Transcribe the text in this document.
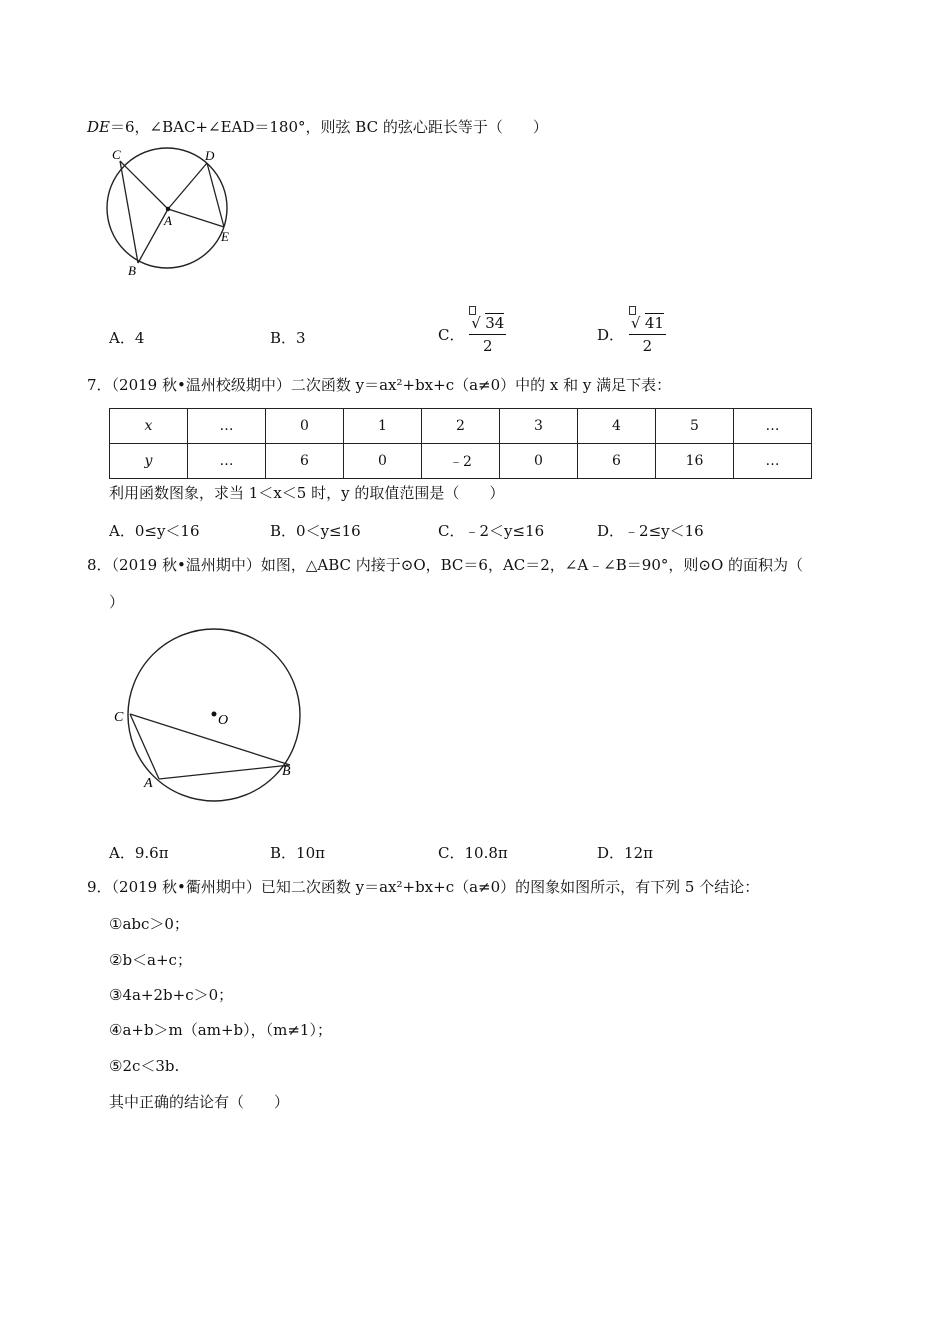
DE＝6，∠BAC+∠EAD＝180°，则弦 BC 的弦心距长等于（　　）
C	D
A
E
B
A．4	B．3	C． $\frac{√ 34}{2}$	D． $\frac{√ 41}{2}$
7．（2019 秋•温州校级期中）二次函数 y＝ax²+bx+c（a≠0）中的 x 和 y 满足下表：
x	…	0	1	2	3	4	5	…
y	…	6	0	﹣2	0	6	16	…
利用函数图象，求当 1＜x＜5 时，y 的取值范围是（　　）
A．0≤y＜16	B．0＜y≤16	C．﹣2＜y≤16	D．﹣2≤y＜16
8．（2019 秋•温州期中）如图，△ABC 内接于⊙O，BC＝6，AC＝2，∠A﹣∠B＝90°，则⊙O 的面积为（
）
C	O
A
B
A．9.6π	B．10π	C．10.8π	D．12π
9．（2019 秋•衢州期中）已知二次函数 y＝ax²+bx+c（a≠0）的图象如图所示，有下列 5 个结论：
①abc＞0；
②b＜a+c；
③4a+2b+c＞0；
④a+b＞m（am+b），（m≠1）；
⑤2c＜3b.
其中正确的结论有（　　）
